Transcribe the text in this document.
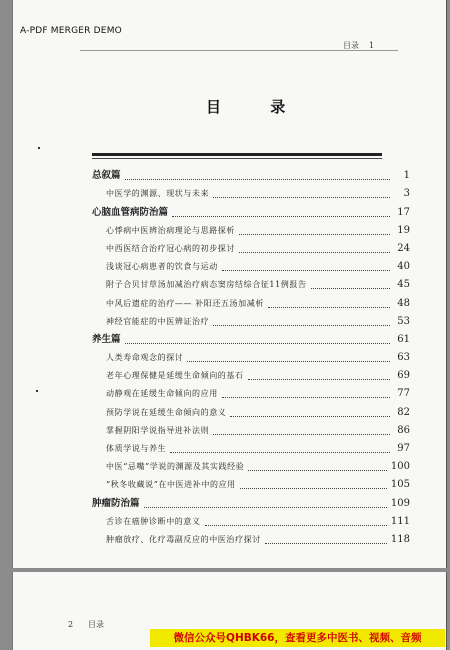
A-PDF MERGER DEMO
目录 1
目 录
总叙篇	1
中医学的渊源、现状与未来	3
心脑血管病防治篇	17
心悸病中医辨治病理论与思路探析	19
中西医结合治疗冠心病的初步探讨	24
浅谈冠心病患者的饮食与运动	40
附子合贝甘草汤加减治疗病态窦房结综合征11例报告	45
中风后遗症的治疗—— 补阳还五汤加减析	48
神经官能症的中医辨证治疗	53
养生篇	61
人类寿命观念的探讨	63
老年心理保健是延缓生命倾向的基石	69
动静观在延缓生命倾向的应用	77
预防学说在延缓生命倾向的意义	82
掌握阴阳学说指导进补法则	86
体质学说与养生	97
中医“忌嘴”学说的渊源及其实践经验	100
“秋冬收藏说”在中医进补中的应用	105
肿瘤防治篇	109
舌诊在癌肿诊断中的意义	111
肿瘤放疗、化疗毒副反应的中医治疗探讨	118
2 目录
微信公众号QHBK66，查看更多中医书、视频、音频
